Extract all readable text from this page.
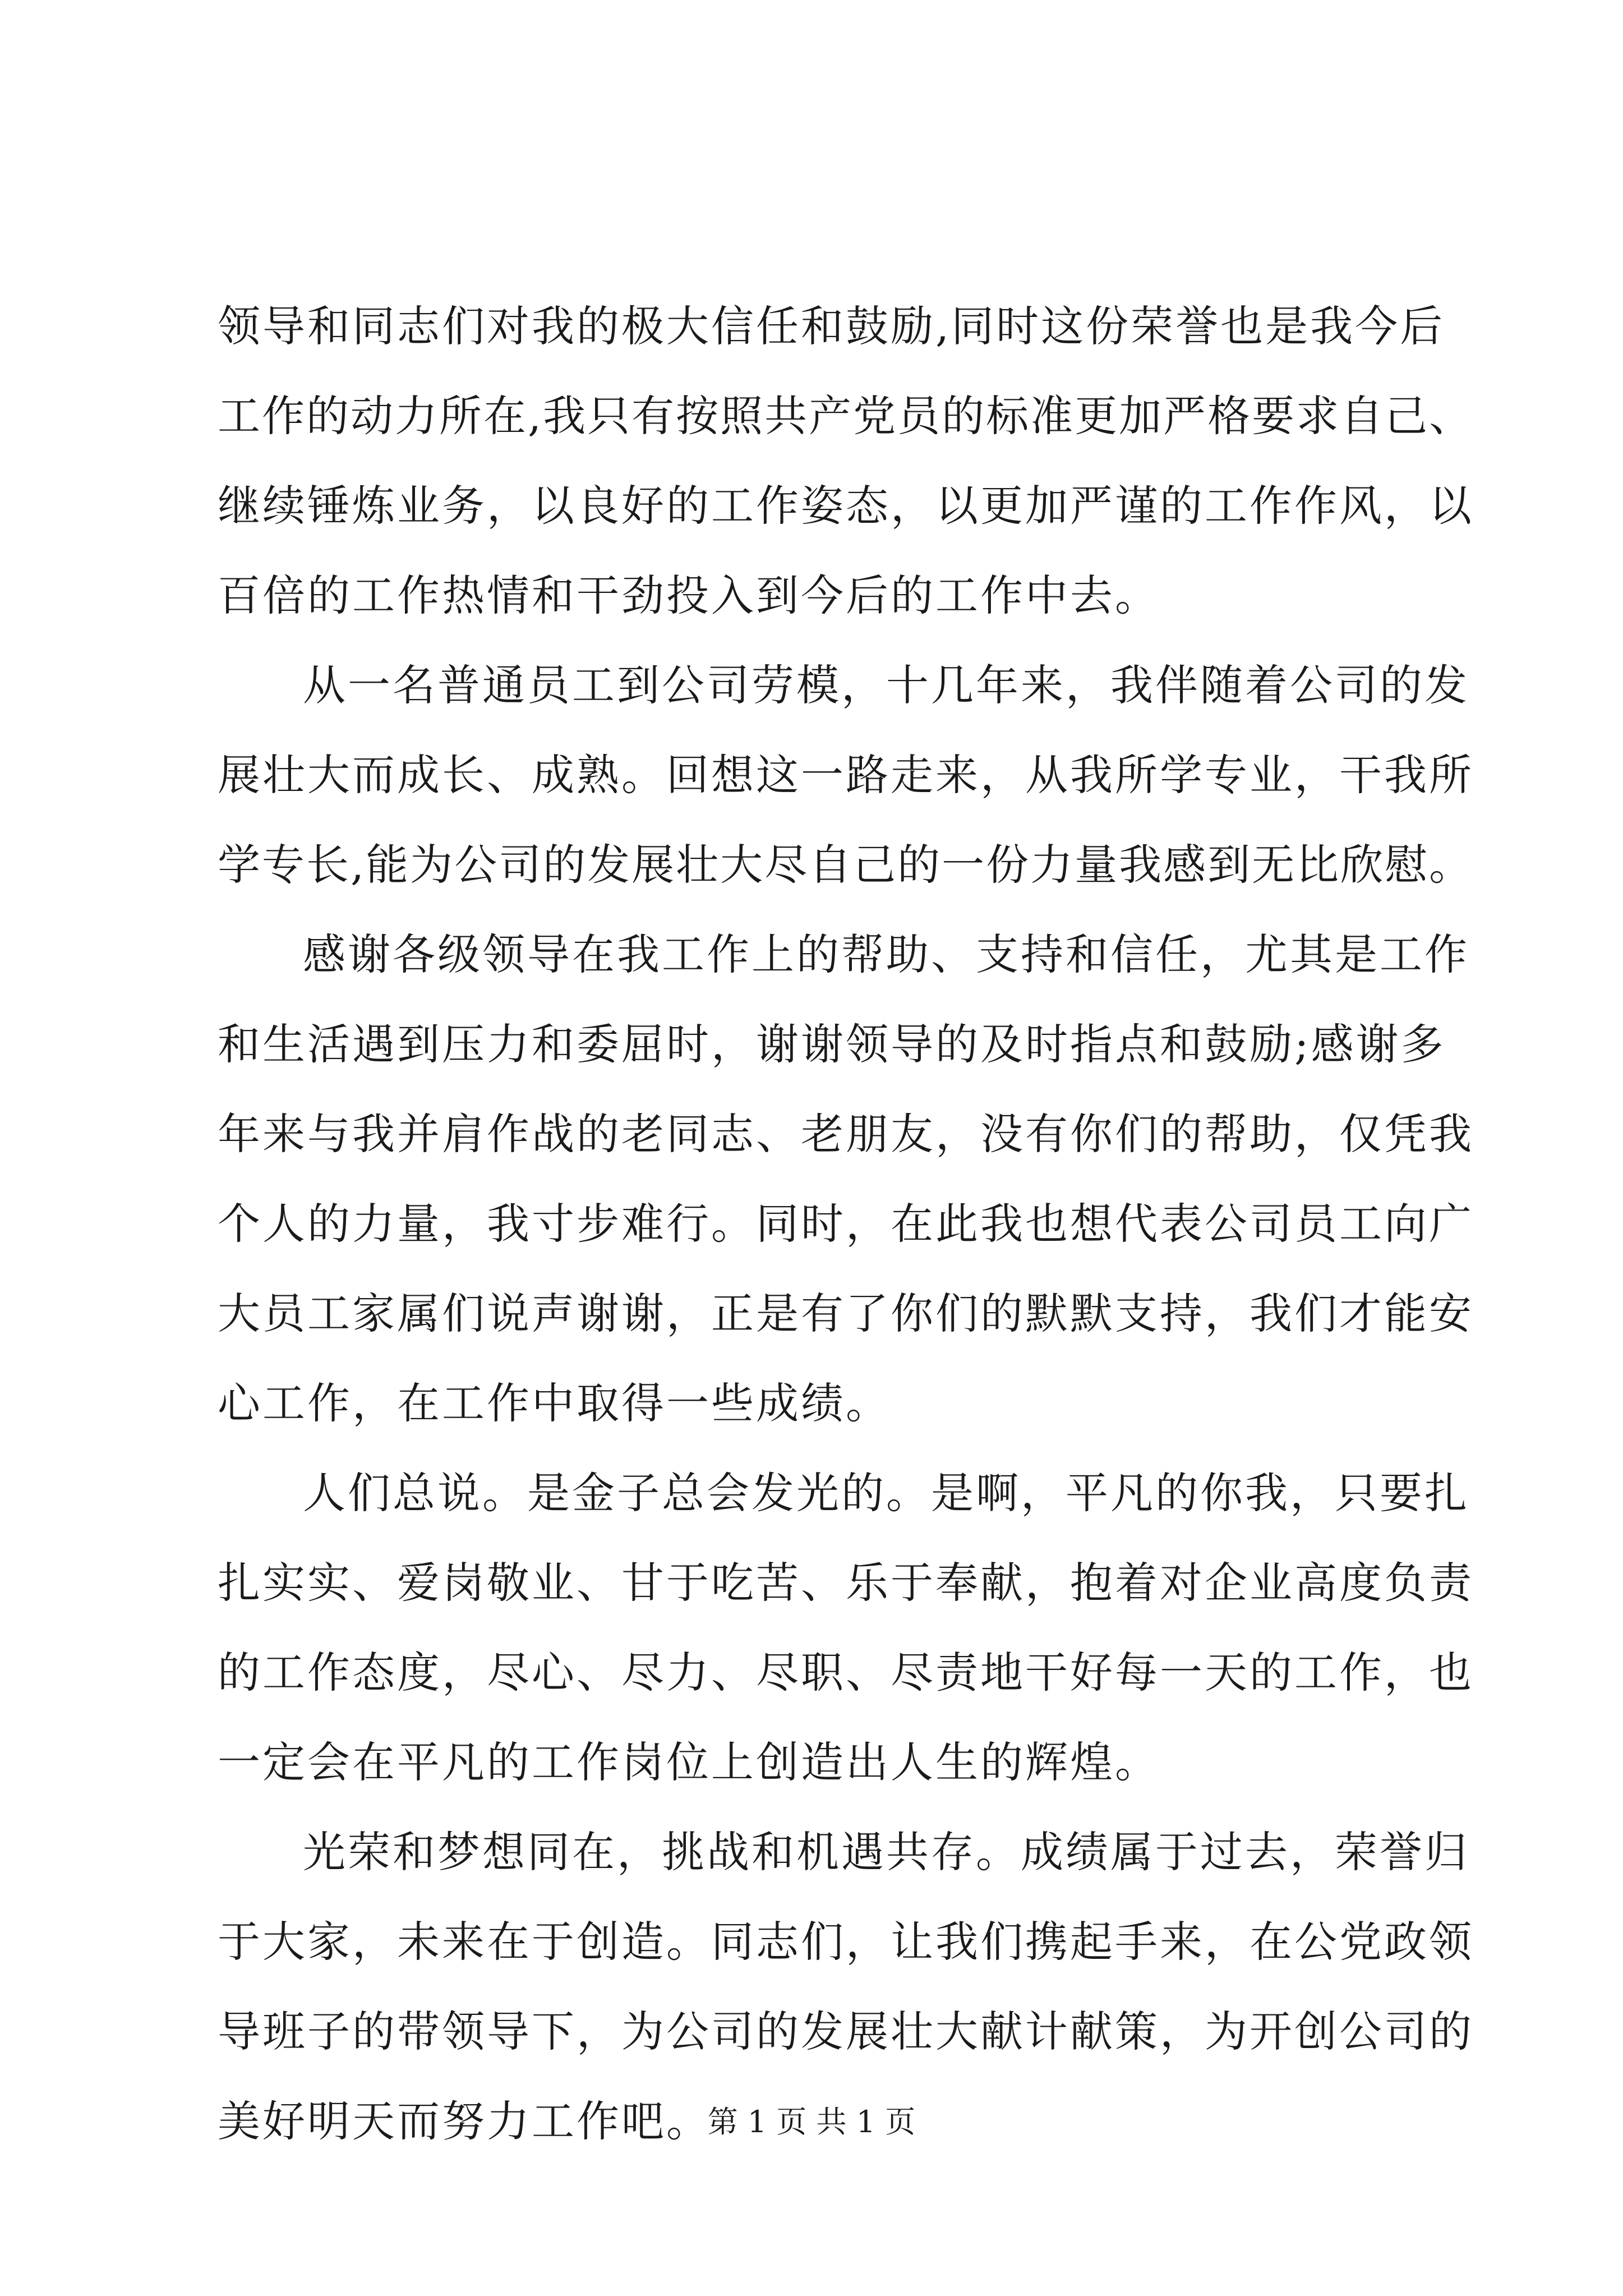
领导和同志们对我的极大信任和鼓励,同时这份荣誉也是我今后
工作的动力所在,我只有按照共产党员的标准更加严格要求自己、
继续锤炼业务，以良好的工作姿态，以更加严谨的工作作风，以
百倍的工作热情和干劲投入到今后的工作中去。
从一名普通员工到公司劳模，十几年来，我伴随着公司的发
展壮大而成长、成熟。回想这一路走来，从我所学专业，干我所
学专长,能为公司的发展壮大尽自己的一份力量我感到无比欣慰。
感谢各级领导在我工作上的帮助、支持和信任，尤其是工作
和生活遇到压力和委屈时，谢谢领导的及时指点和鼓励;感谢多
年来与我并肩作战的老同志、老朋友，没有你们的帮助，仅凭我
个人的力量，我寸步难行。同时，在此我也想代表公司员工向广
大员工家属们说声谢谢，正是有了你们的默默支持，我们才能安
心工作，在工作中取得一些成绩。
人们总说。是金子总会发光的。是啊，平凡的你我，只要扎
扎实实、爱岗敬业、甘于吃苦、乐于奉献，抱着对企业高度负责
的工作态度，尽心、尽力、尽职、尽责地干好每一天的工作，也
一定会在平凡的工作岗位上创造出人生的辉煌。
光荣和梦想同在，挑战和机遇共存。成绩属于过去，荣誉归
于大家，未来在于创造。同志们，让我们携起手来，在公党政领
导班子的带领导下，为公司的发展壮大献计献策，为开创公司的
美好明天而努力工作吧。
第 1 页 共 1 页
